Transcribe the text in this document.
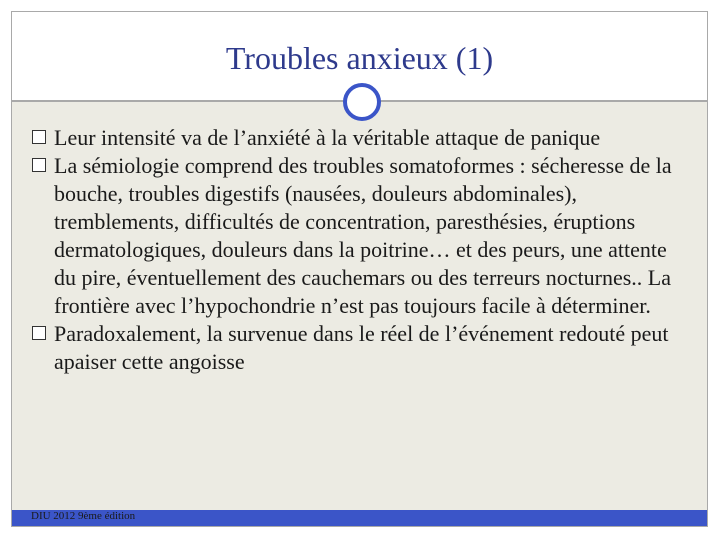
Troubles anxieux (1)
Leur intensité va de l’anxiété à la véritable attaque de panique
La sémiologie comprend des troubles somatoformes : sécheresse de la bouche, troubles digestifs (nausées, douleurs abdominales), tremblements, difficultés de concentration, paresthésies, éruptions dermatologiques, douleurs dans la poitrine… et des peurs, une attente du pire, éventuellement des cauchemars ou des terreurs nocturnes.. La frontière avec l’hypochondrie n’est pas toujours facile à déterminer.
Paradoxalement, la survenue dans le réel de l’événement redouté peut apaiser cette angoisse
DIU 2012 9ème édition
